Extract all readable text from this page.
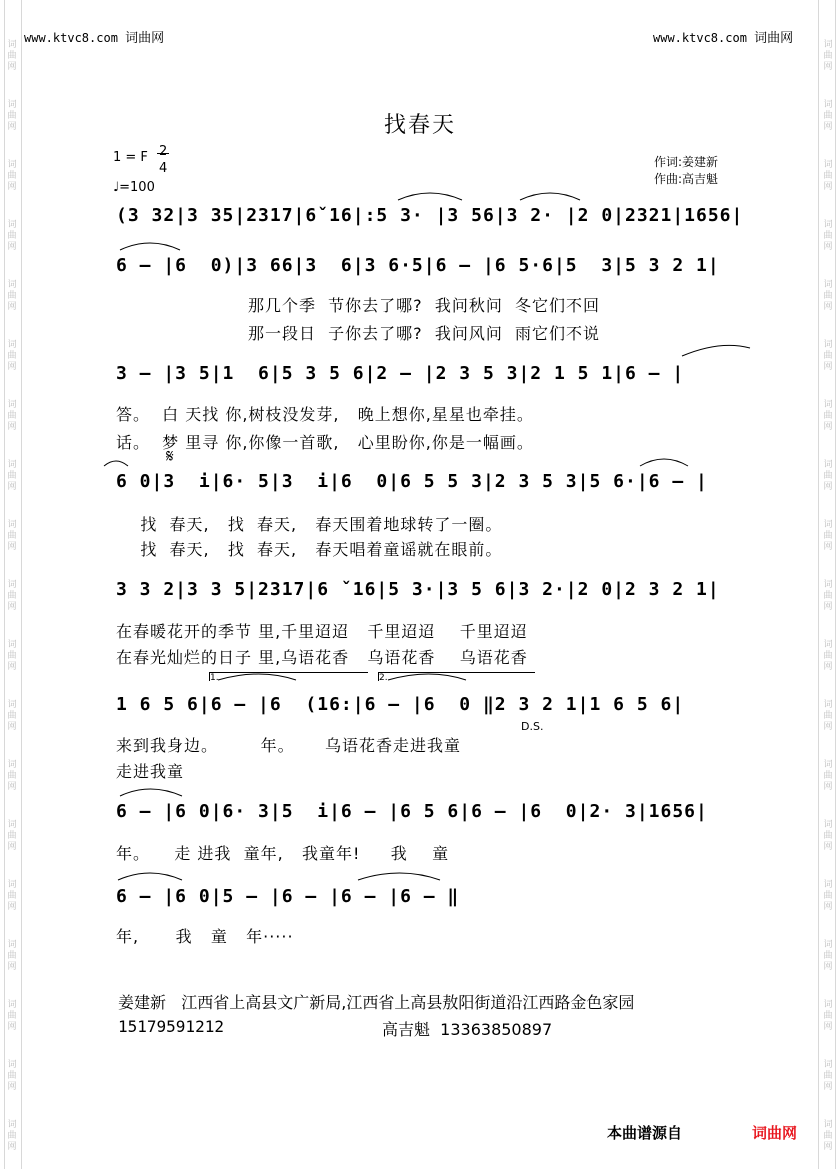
词
曲
网
词
曲
网
词
曲
网
词
曲
网
词
曲
网
词
曲
网
词
曲
网
词
曲
网
词
曲
网
词
曲
网
词
曲
网
词
曲
网
词
曲
网
词
曲
网
词
曲
网
词
曲
网
词
曲
网
词
曲
网
词
曲
网
词
曲
网
词
曲
网
词
曲
网
词
曲
网
词
曲
网
词
曲
网
词
曲
网
词
曲
网
词
曲
网
词
曲
网
词
曲
网
词
曲
网
词
曲
网
词
曲
网
词
曲
网
词
曲
网
词
曲
网
词
曲
网
词
曲
网
www.ktvc8.com 词曲网	www.ktvc8.com 词曲网
找春天
1 = F 2
4
♩=100
作词:姜建新
作曲:高吉魁
(3 32|3 35|2317|6ˇ16|:5 3· |3 56|3 2· |2 0|2321|1656|
6 – |6  0)|3 66|3  6|3 6·5|6 – |6 5·6|5  3|5 3 2 1|
那几个季  节你去了哪?  我问秋问  冬它们不回
那一段日  子你去了哪?  我问风问  雨它们不说
3 – |3 5|1  6|5 3 5 6|2 – |2 3 5 3|2 1 5 1|6 – |
答。  白 天找 你,树枝没发芽,   晚上想你,星星也牵挂。
话。  梦 里寻 你,你像一首歌,   心里盼你,你是一幅画。
6 0|3  i|6· 5|3  i|6  0|6 5 5 3|2 3 5 3|5 6·|6 – |
𝄋
找  春天,   找  春天,   春天围着地球转了一圈。
找  春天,   找  春天,   春天唱着童谣就在眼前。
3 3 2|3 3 5|2317|6 ˇ16|5 3·|3 5 6|3 2·|2 0|2 3 2 1|
在春暖花开的季节 里,千里迢迢   千里迢迢    千里迢迢
在春光灿烂的日子 里,乌语花香   乌语花香    乌语花香
1.	2.
1 6 5 6|6 – |6  (16:|6 – |6  0 ‖2 3 2 1|1 6 5 6|
D.S.
来到我身边。       年。     乌语花香走进我童
走进我童
6 – |6 0|6· 3|5  i|6 – |6 5 6|6 – |6  0|2· 3|1656|
年。    走 进我  童年,   我童年!     我    童
6 – |6 0|5 – |6 – |6 – |6 – ‖
年,      我   童   年·····
姜建新   江西省上高县文广新局,江西省上高县敖阳街道沿江西路金色家园
15179591212	高吉魁  13363850897
本曲谱源自	词曲网
